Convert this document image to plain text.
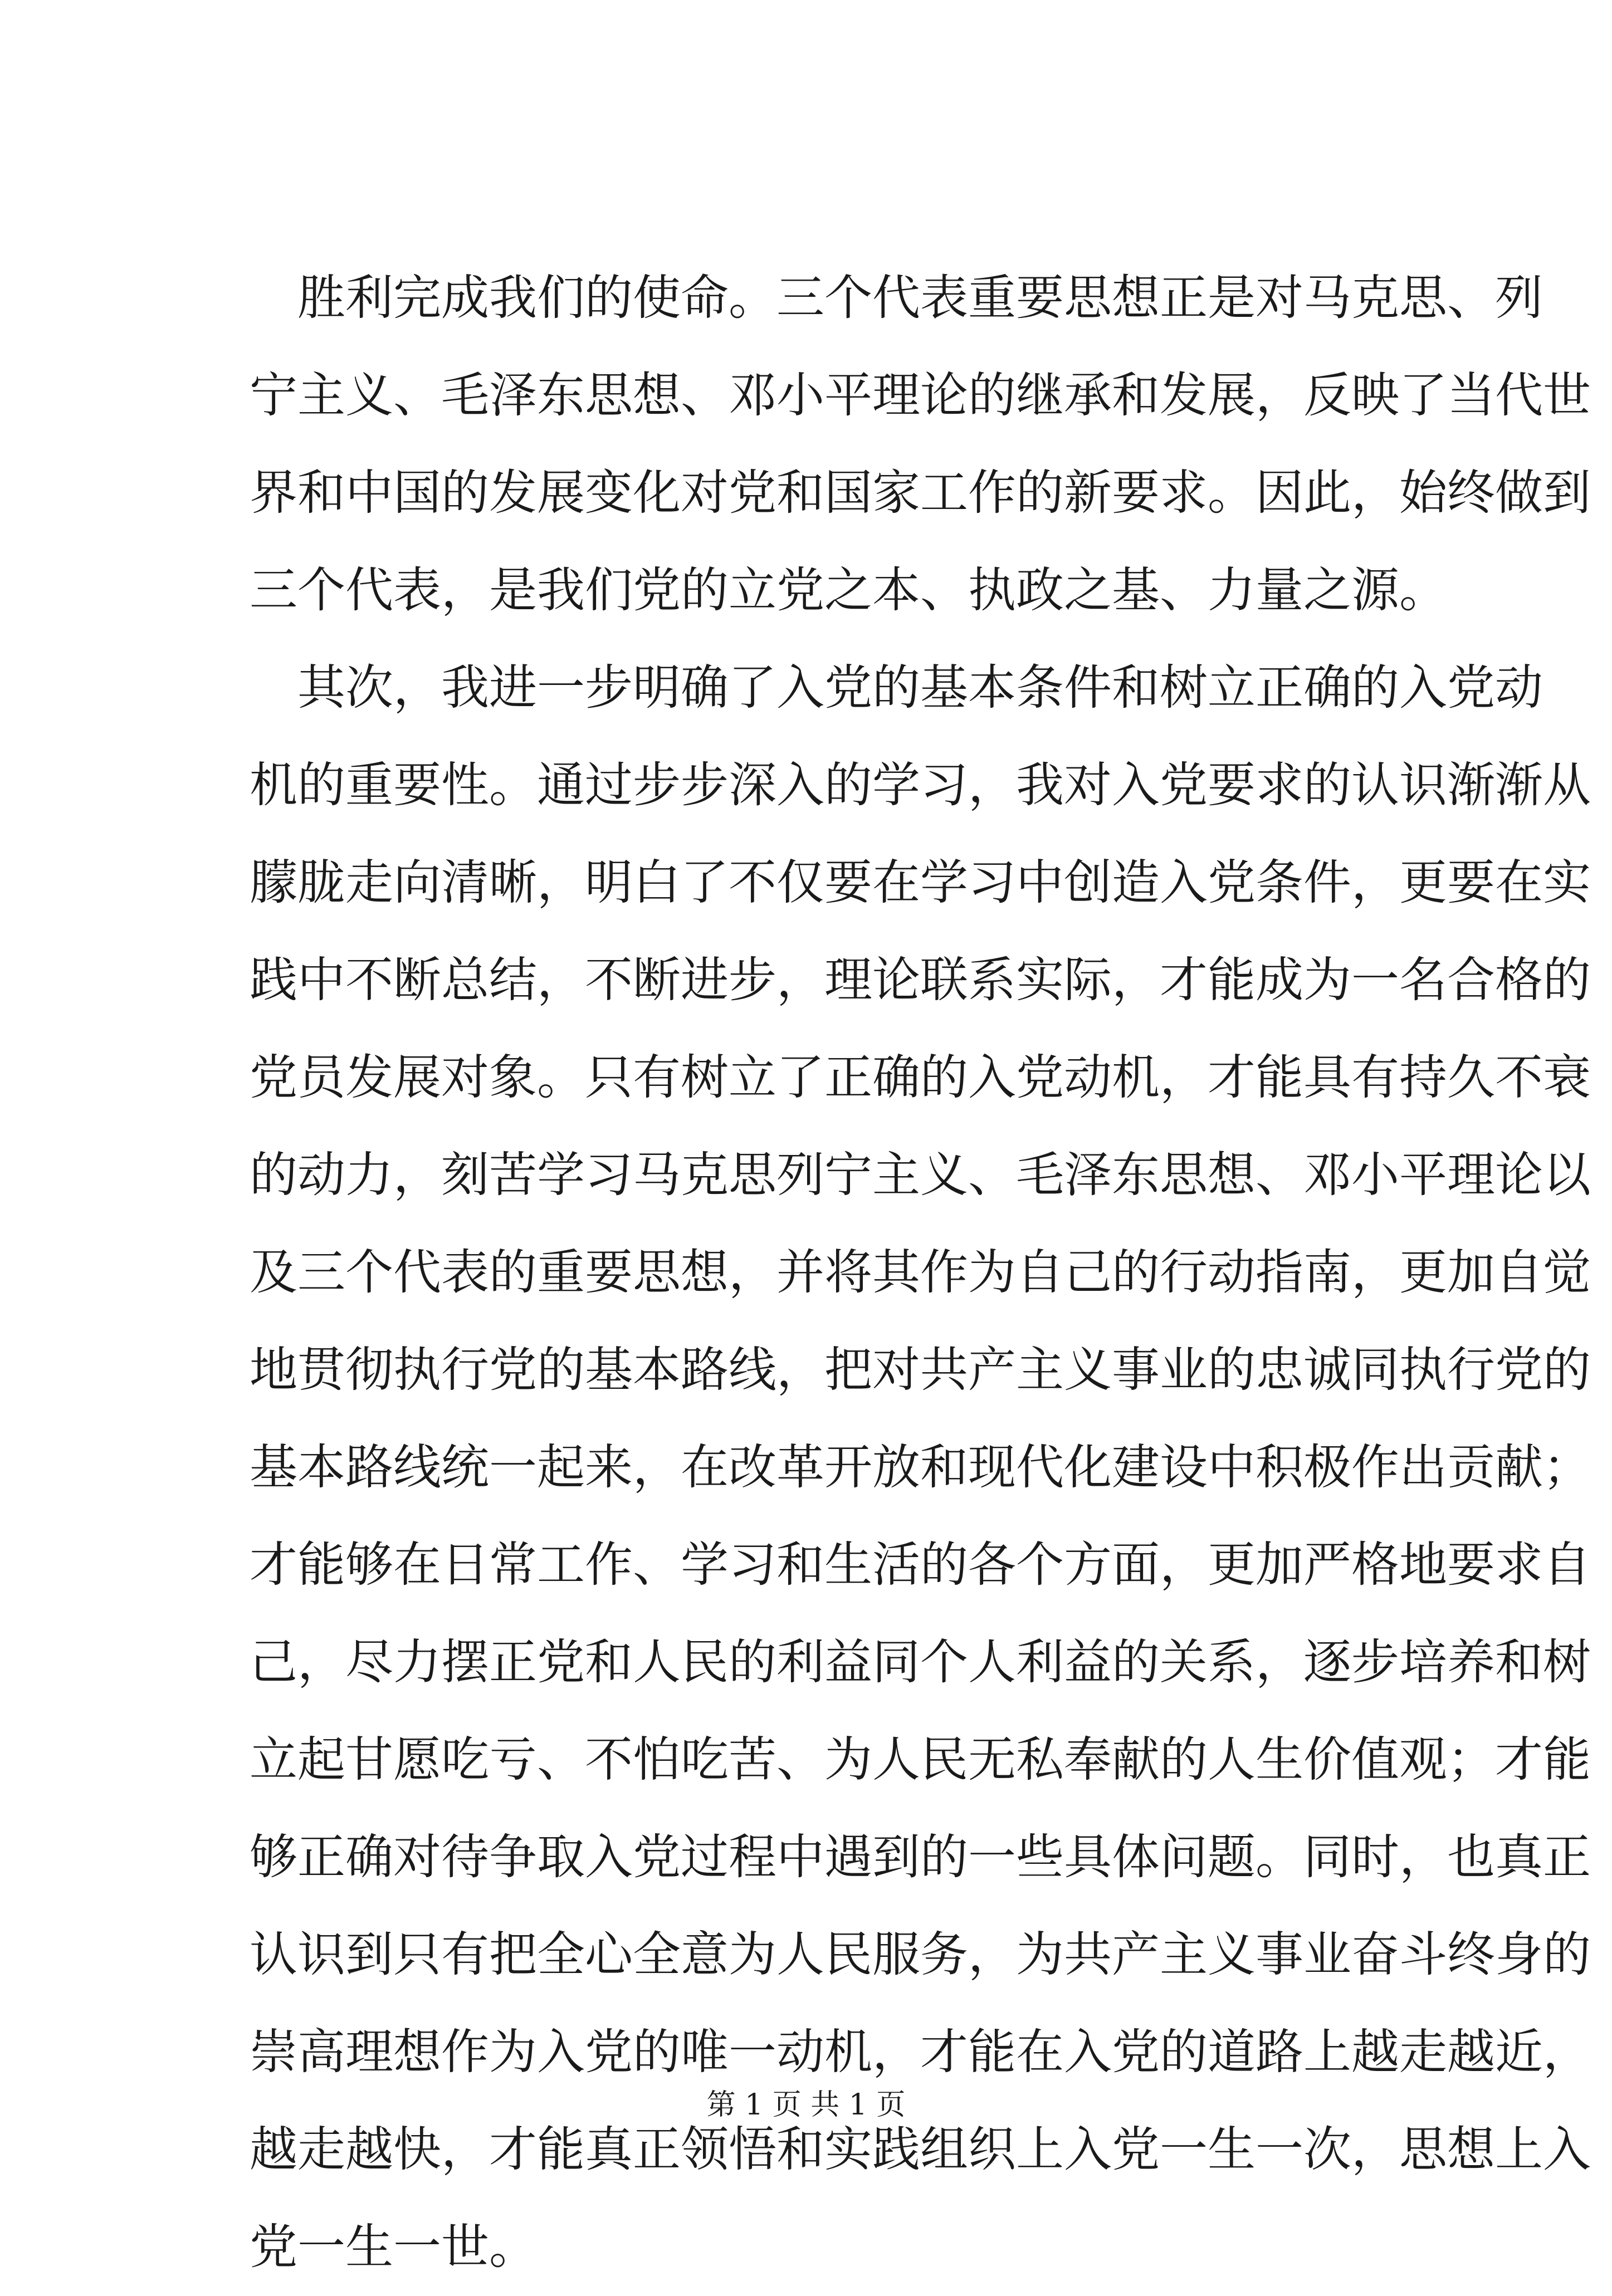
胜利完成我们的使命。三个代表重要思想正是对马克思、列
宁主义、毛泽东思想、邓小平理论的继承和发展，反映了当代世
界和中国的发展变化对党和国家工作的新要求。因此，始终做到
三个代表，是我们党的立党之本、执政之基、力量之源。
其次，我进一步明确了入党的基本条件和树立正确的入党动
机的重要性。通过步步深入的学习，我对入党要求的认识渐渐从
朦胧走向清晰，明白了不仅要在学习中创造入党条件，更要在实
践中不断总结，不断进步，理论联系实际，才能成为一名合格的
党员发展对象。只有树立了正确的入党动机，才能具有持久不衰
的动力，刻苦学习马克思列宁主义、毛泽东思想、邓小平理论以
及三个代表的重要思想，并将其作为自己的行动指南，更加自觉
地贯彻执行党的基本路线，把对共产主义事业的忠诚同执行党的
基本路线统一起来，在改革开放和现代化建设中积极作出贡献；
才能够在日常工作、学习和生活的各个方面，更加严格地要求自
己，尽力摆正党和人民的利益同个人利益的关系，逐步培养和树
立起甘愿吃亏、不怕吃苦、为人民无私奉献的人生价值观；才能
够正确对待争取入党过程中遇到的一些具体问题。同时，也真正
认识到只有把全心全意为人民服务，为共产主义事业奋斗终身的
崇高理想作为入党的唯一动机，才能在入党的道路上越走越近，
越走越快，才能真正领悟和实践组织上入党一生一次，思想上入
党一生一世。
第 1 页 共 1 页
